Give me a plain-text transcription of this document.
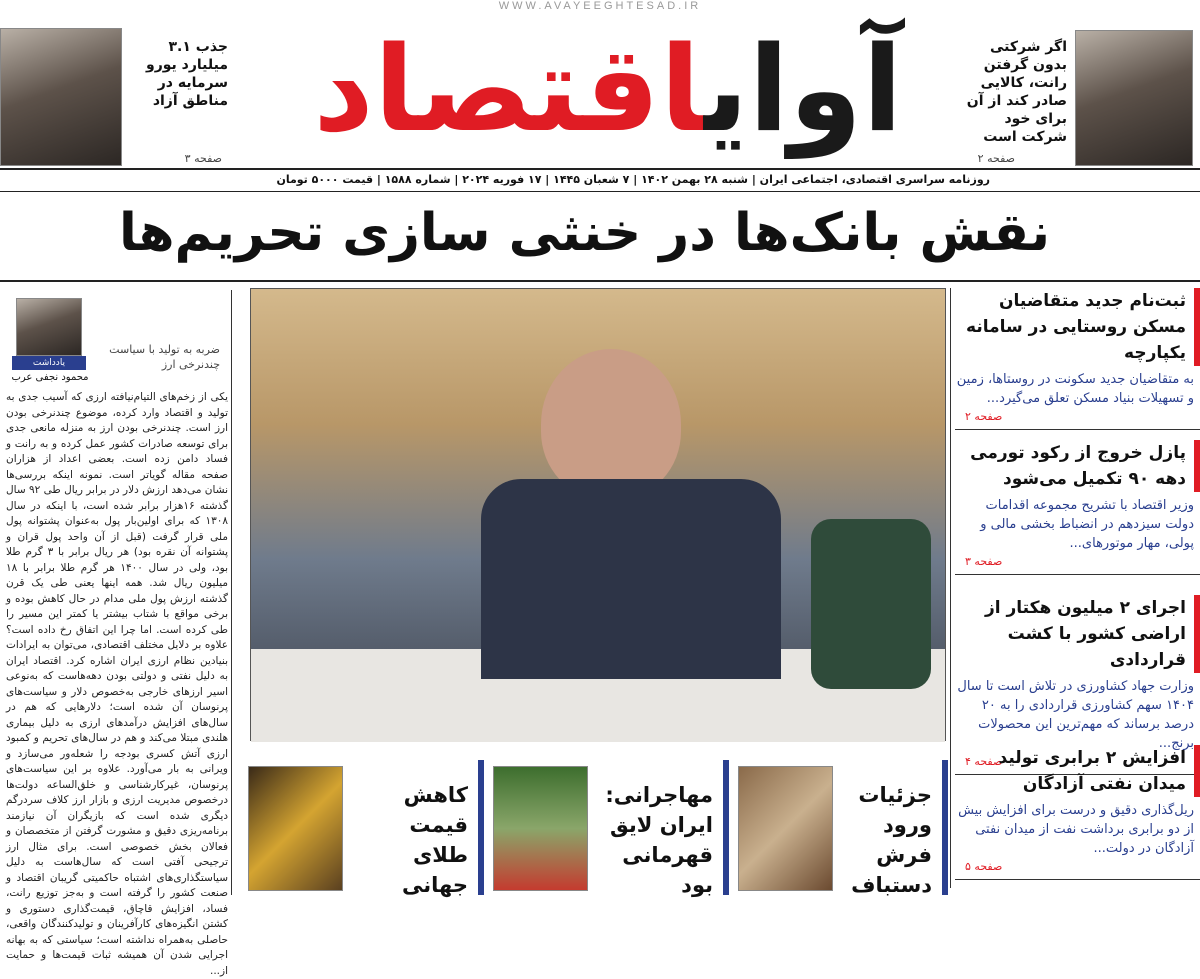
WWW.AVAYEEGHTESAD.IR
آوایاقتصاد	اگر شرکتی بدون گرفتن رانت، کالایی صادر کند از آن برای خود شرکت است
صفحه ۲
جذب ۳.۱ میلیارد یورو سرمایه در مناطق آزاد
صفحه ۳
روزنامه سراسری اقتصادی، اجتماعی ایران | شنبه ۲۸ بهمن ۱۴۰۲ | ۷ شعبان ۱۴۴۵ | ۱۷ فوریه ۲۰۲۴ | شماره ۱۵۸۸ | قیمت ۵۰۰۰ تومان
نقش بانک‌ها در خنثی سازی تحریم‌ها
ثبت‌نام جدید متقاضیان مسکن روستایی در سامانه یکپارچه
به متقاضیان جدید سکونت در روستاها، زمین و تسهیلات بنیاد مسکن تعلق می‌گیرد...
صفحه ۲
پازل خروج از رکود تورمی دهه ۹۰ تکمیل می‌شود
وزیر اقتصاد با تشریح مجموعه اقدامات دولت سیزدهم در انضباط بخشی مالی و پولی، مهار موتورهای...
صفحه ۳
اجرای ۲ میلیون هکتار از اراضی کشور با کشت قراردادی
وزارت جهاد کشاورزی در تلاش است تا سال ۱۴۰۴ سهم کشاورزی قراردادی را به ۲۰ درصد برساند که مهم‌ترین این محصولات برنج...
صفحه ۴
افزایش ۲ برابری تولید میدان نفتی آزادگان
ریل‌گذاری دقیق و درست برای افزایش بیش از دو برابری برداشت نفت از میدان نفتی آزادگان در دولت...
صفحه ۵
ضربه به تولید با سیاست چندنرخی ارز
یادداشت
محمود نجفی عرب
یکی از زخم‌های التیام‌نیافته ارزی که آسیب جدی به تولید و اقتصاد وارد کرده، موضوع چندنرخی بودن ارز است. چندنرخی بودن ارز به منزله مانعی جدی برای توسعه صادرات کشور عمل کرده و به رانت و فساد دامن زده است. بعضی اعداد از هزاران صفحه مقاله گویاتر است. نمونه اینکه بررسی‌ها نشان می‌دهد ارزش دلار در برابر ریال طی ۹۲ سال گذشته ۱۶هزار برابر شده است، با اینکه در سال ۱۳۰۸ که برای اولین‌بار پول به‌عنوان پشتوانه پول ملی قرار گرفت (قبل از آن واحد پول قران و پشتوانه آن نقره بود) هر ریال برابر با ۳ گرم طلا بود، ولی در سال ۱۴۰۰ هر گرم طلا برابر با ۱۸ میلیون ریال شد. همه اینها یعنی طی یک قرن گذشته ارزش پول ملی مدام در حال کاهش بوده و برخی مواقع با شتاب بیشتر یا کمتر این مسیر را طی کرده است. اما چرا این اتفاق رخ داده است؟ علاوه بر دلایل مختلف اقتصادی، می‌توان به ایرادات بنیادین نظام ارزی ایران اشاره کرد. اقتصاد ایران به دلیل نفتی و دولتی بودن دهه‌هاست که به‌نوعی اسیر ارزهای خارجی به‌خصوص دلار و سیاست‌های پرنوسان آن شده است؛ دلارهایی که هم در سال‌های افزایش درآمدهای ارزی به دلیل بیماری هلندی مبتلا می‌کند و هم در سال‌های تحریم و کمبود ارزی آتش کسری بودجه را شعله‌ور می‌سازد و ویرانی به بار می‌آورد. علاوه بر این سیاست‌های پرنوسان، غیرکارشناسی و خلق‌الساعه دولت‌ها درخصوص مدیریت ارزی و بازار ارز کلاف سردرگم دیگری شده است که بازیگران آن نیازمند برنامه‌ریزی دقیق و مشورت گرفتن از متخصصان و فعالان بخش خصوصی است. برای مثال ارز ترجیحی آفتی است که سال‌هاست به دلیل سیاستگذاری‌های اشتباه حاکمیتی گریبان اقتصاد و صنعت کشور را گرفته است و به‌جز توزیع رانت، فساد، افزایش قاچاق، قیمت‌گذاری دستوری و کشتن انگیزه‌های کارآفرینان و تولیدکنندگان واقعی، حاصلی به‌همراه نداشته است؛ سیاستی که به بهانه اجرایی شدن آن همیشه ثبات قیمت‌ها و حمایت از...
جزئیات ورود فرش دستباف
مهاجرانی: ایران لایق قهرمانی بود
کاهش قیمت طلای جهانی
